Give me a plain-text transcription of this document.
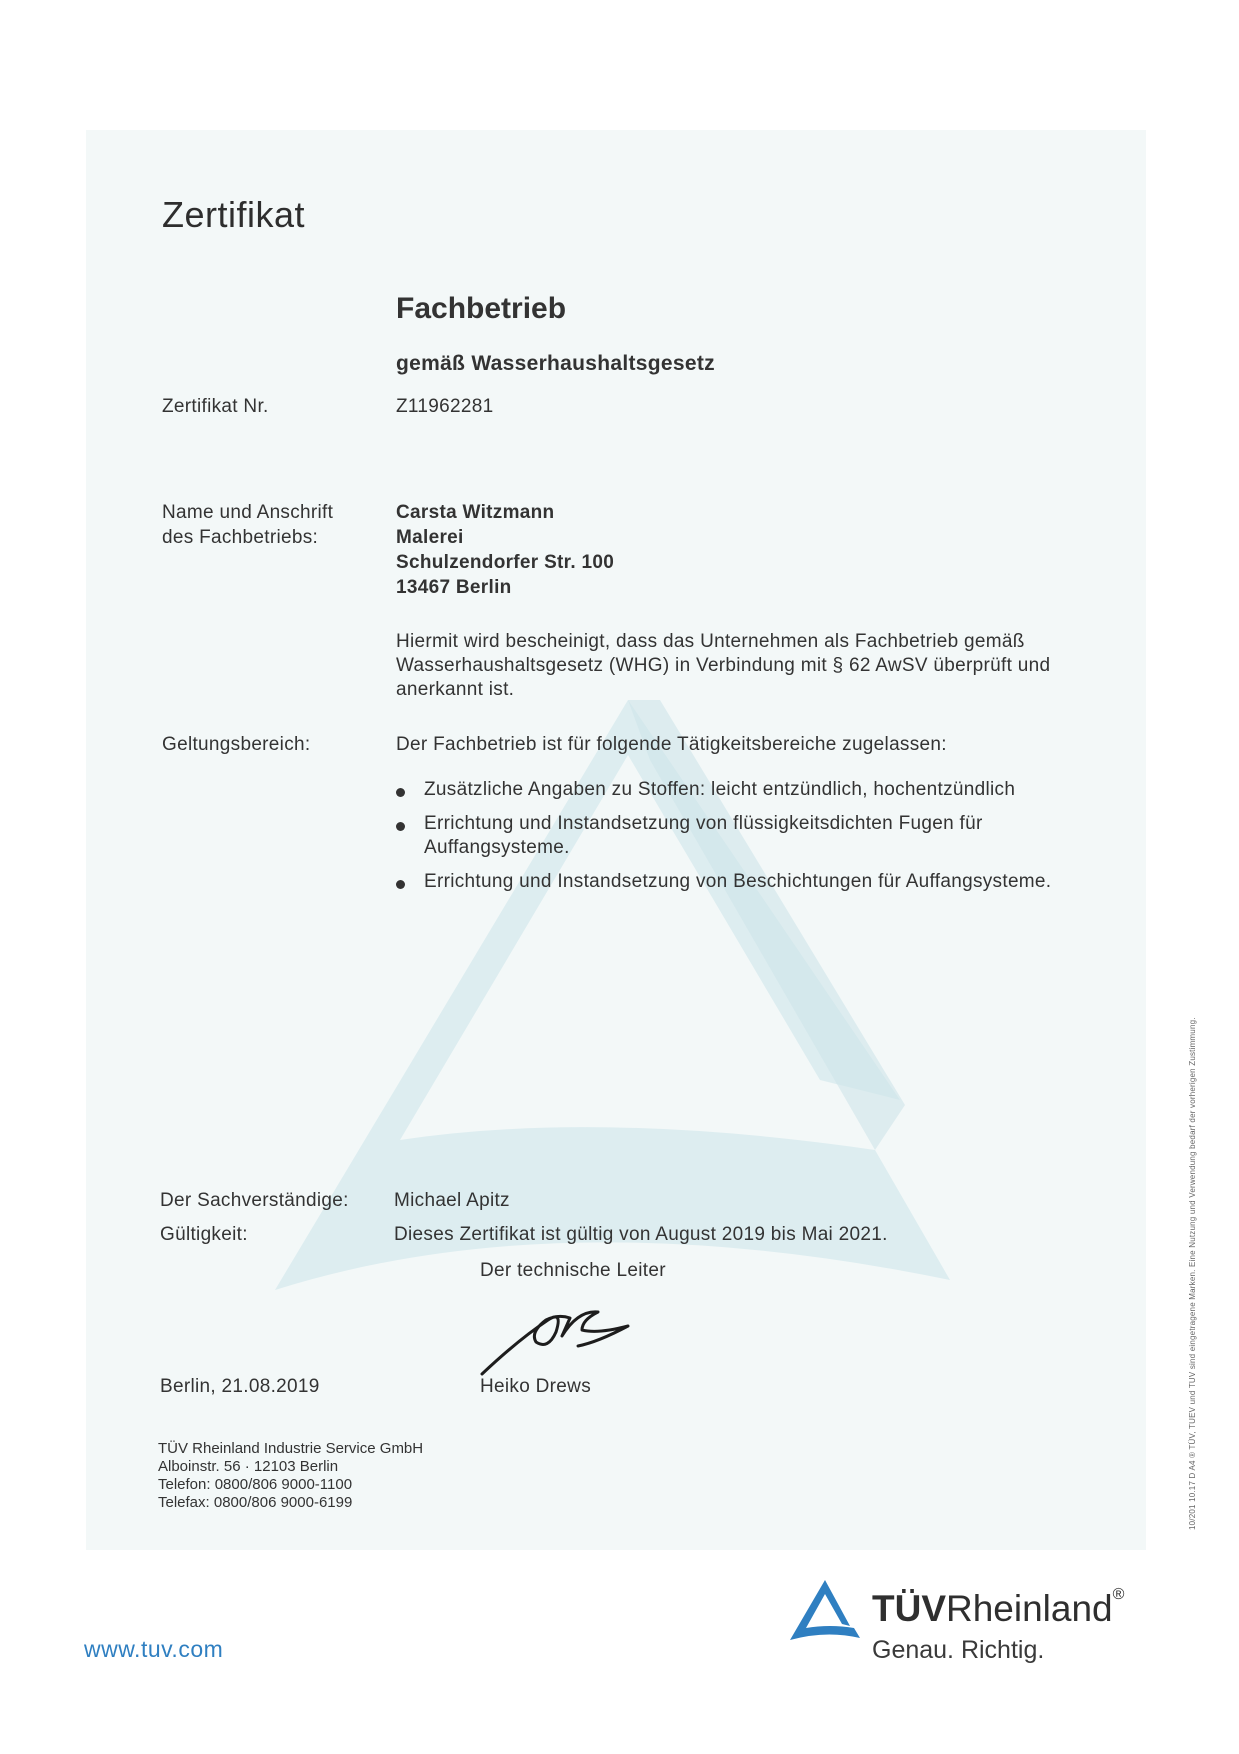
Zertifikat
Fachbetrieb
gemäß Wasserhaushaltsgesetz
Zertifikat Nr.	Z11962281
Name und Anschrift
des Fachbetriebs:
Carsta Witzmann
Malerei
Schulzendorfer Str. 100
13467 Berlin
Hiermit wird bescheinigt, dass das Unternehmen als Fachbetrieb gemäß Wasserhaushaltsgesetz (WHG) in Verbindung mit § 62 AwSV überprüft und anerkannt ist.
Geltungsbereich:	Der Fachbetrieb ist für folgende Tätigkeitsbereiche zugelassen:
Zusätzliche Angaben zu Stoffen: leicht entzündlich, hochentzündlich
Errichtung und Instandsetzung von flüssigkeitsdichten Fugen für Auffangsysteme.
Errichtung und Instandsetzung von Beschichtungen für Auffangsysteme.
Der Sachverständige: Michael Apitz
Gültigkeit:	Dieses Zertifikat ist gültig von August 2019 bis Mai 2021.
Der technische Leiter
Berlin, 21.08.2019	Heiko Drews
TÜV Rheinland Industrie Service GmbH
Alboinstr. 56 · 12103 Berlin
Telefon: 0800/806 9000-1100
Telefax: 0800/806 9000-6199
www.tuv.com
10/201 10.17 D A4 ® TÜV, TUEV und TUV sind eingetragene Marken. Eine Nutzung und Verwendung bedarf der vorherigen Zustimmung.
TÜVRheinland®
Genau. Richtig.
